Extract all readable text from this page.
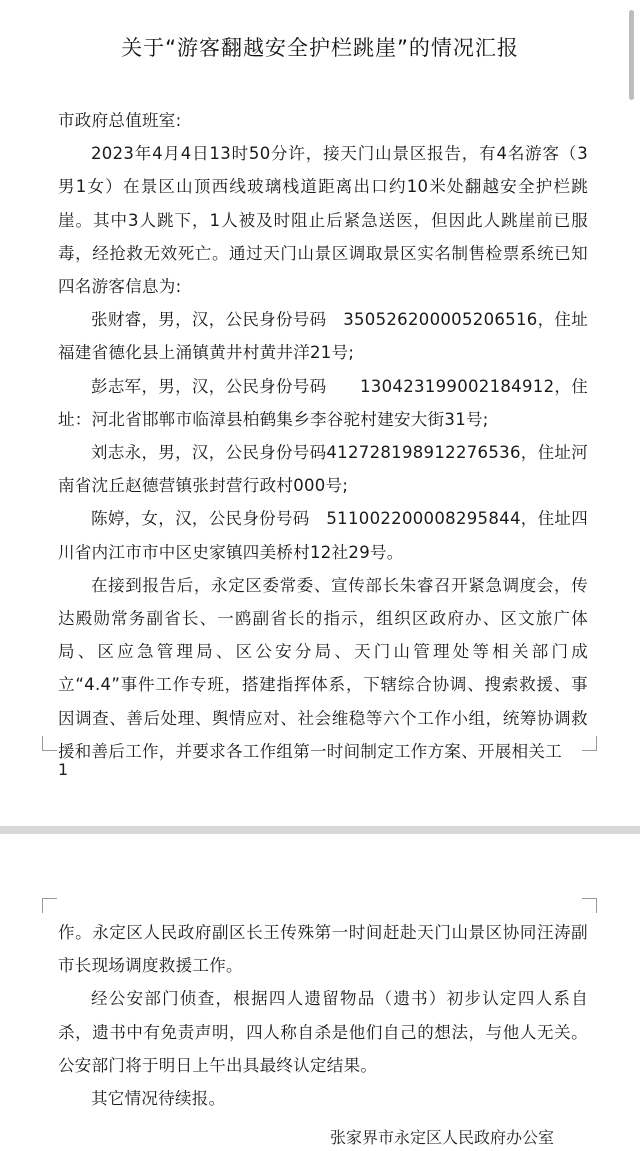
关于“游客翻越安全护栏跳崖”的情况汇报

市政府总值班室:

2023年4月4日13时50分许，接天门山景区报告，有4名游客（3男1女）在景区山顶西线玻璃栈道距离出口约10米处翻越安全护栏跳崖。其中3人跳下，1人被及时阻止后紧急送医，但因此人跳崖前已服毒，经抢救无效死亡。通过天门山景区调取景区实名制售检票系统已知四名游客信息为:

张财睿，男，汉，公民身份号码　350526200005206516，住址福建省德化县上涌镇黄井村黄井洋21号;

彭志军，男，汉，公民身份号码　　130423199002184912，住址：河北省邯郸市临漳县柏鹤集乡李谷驼村建安大街31号;

刘志永，男，汉，公民身份号码412728198912276536，住址河南省沈丘赵德营镇张封营行政村000号;

陈婷，女，汉，公民身份号码　511002200008295844，住址四川省内江市市中区史家镇四美桥村12社29号。

在接到报告后，永定区委常委、宣传部长朱睿召开紧急调度会，传达殿勋常务副省长、一鸥副省长的指示，组织区政府办、区文旅广体局、区应急管理局、区公安分局、天门山管理处等相关部门成立“4.4”事件工作专班，搭建指挥体系，下辖综合协调、搜索救援、事因调查、善后处理、舆情应对、社会维稳等六个工作小组，统筹协调救援和善后工作，并要求各工作组第一时间制定工作方案、开展相关工

1

作。永定区人民政府副区长王传殊第一时间赶赴天门山景区协同汪涛副市长现场调度救援工作。

经公安部门侦查，根据四人遗留物品（遗书）初步认定四人系自杀，遗书中有免责声明，四人称自杀是他们自己的想法，与他人无关。公安部门将于明日上午出具最终认定结果。

其它情况待续报。

张家界市永定区人民政府办公室
